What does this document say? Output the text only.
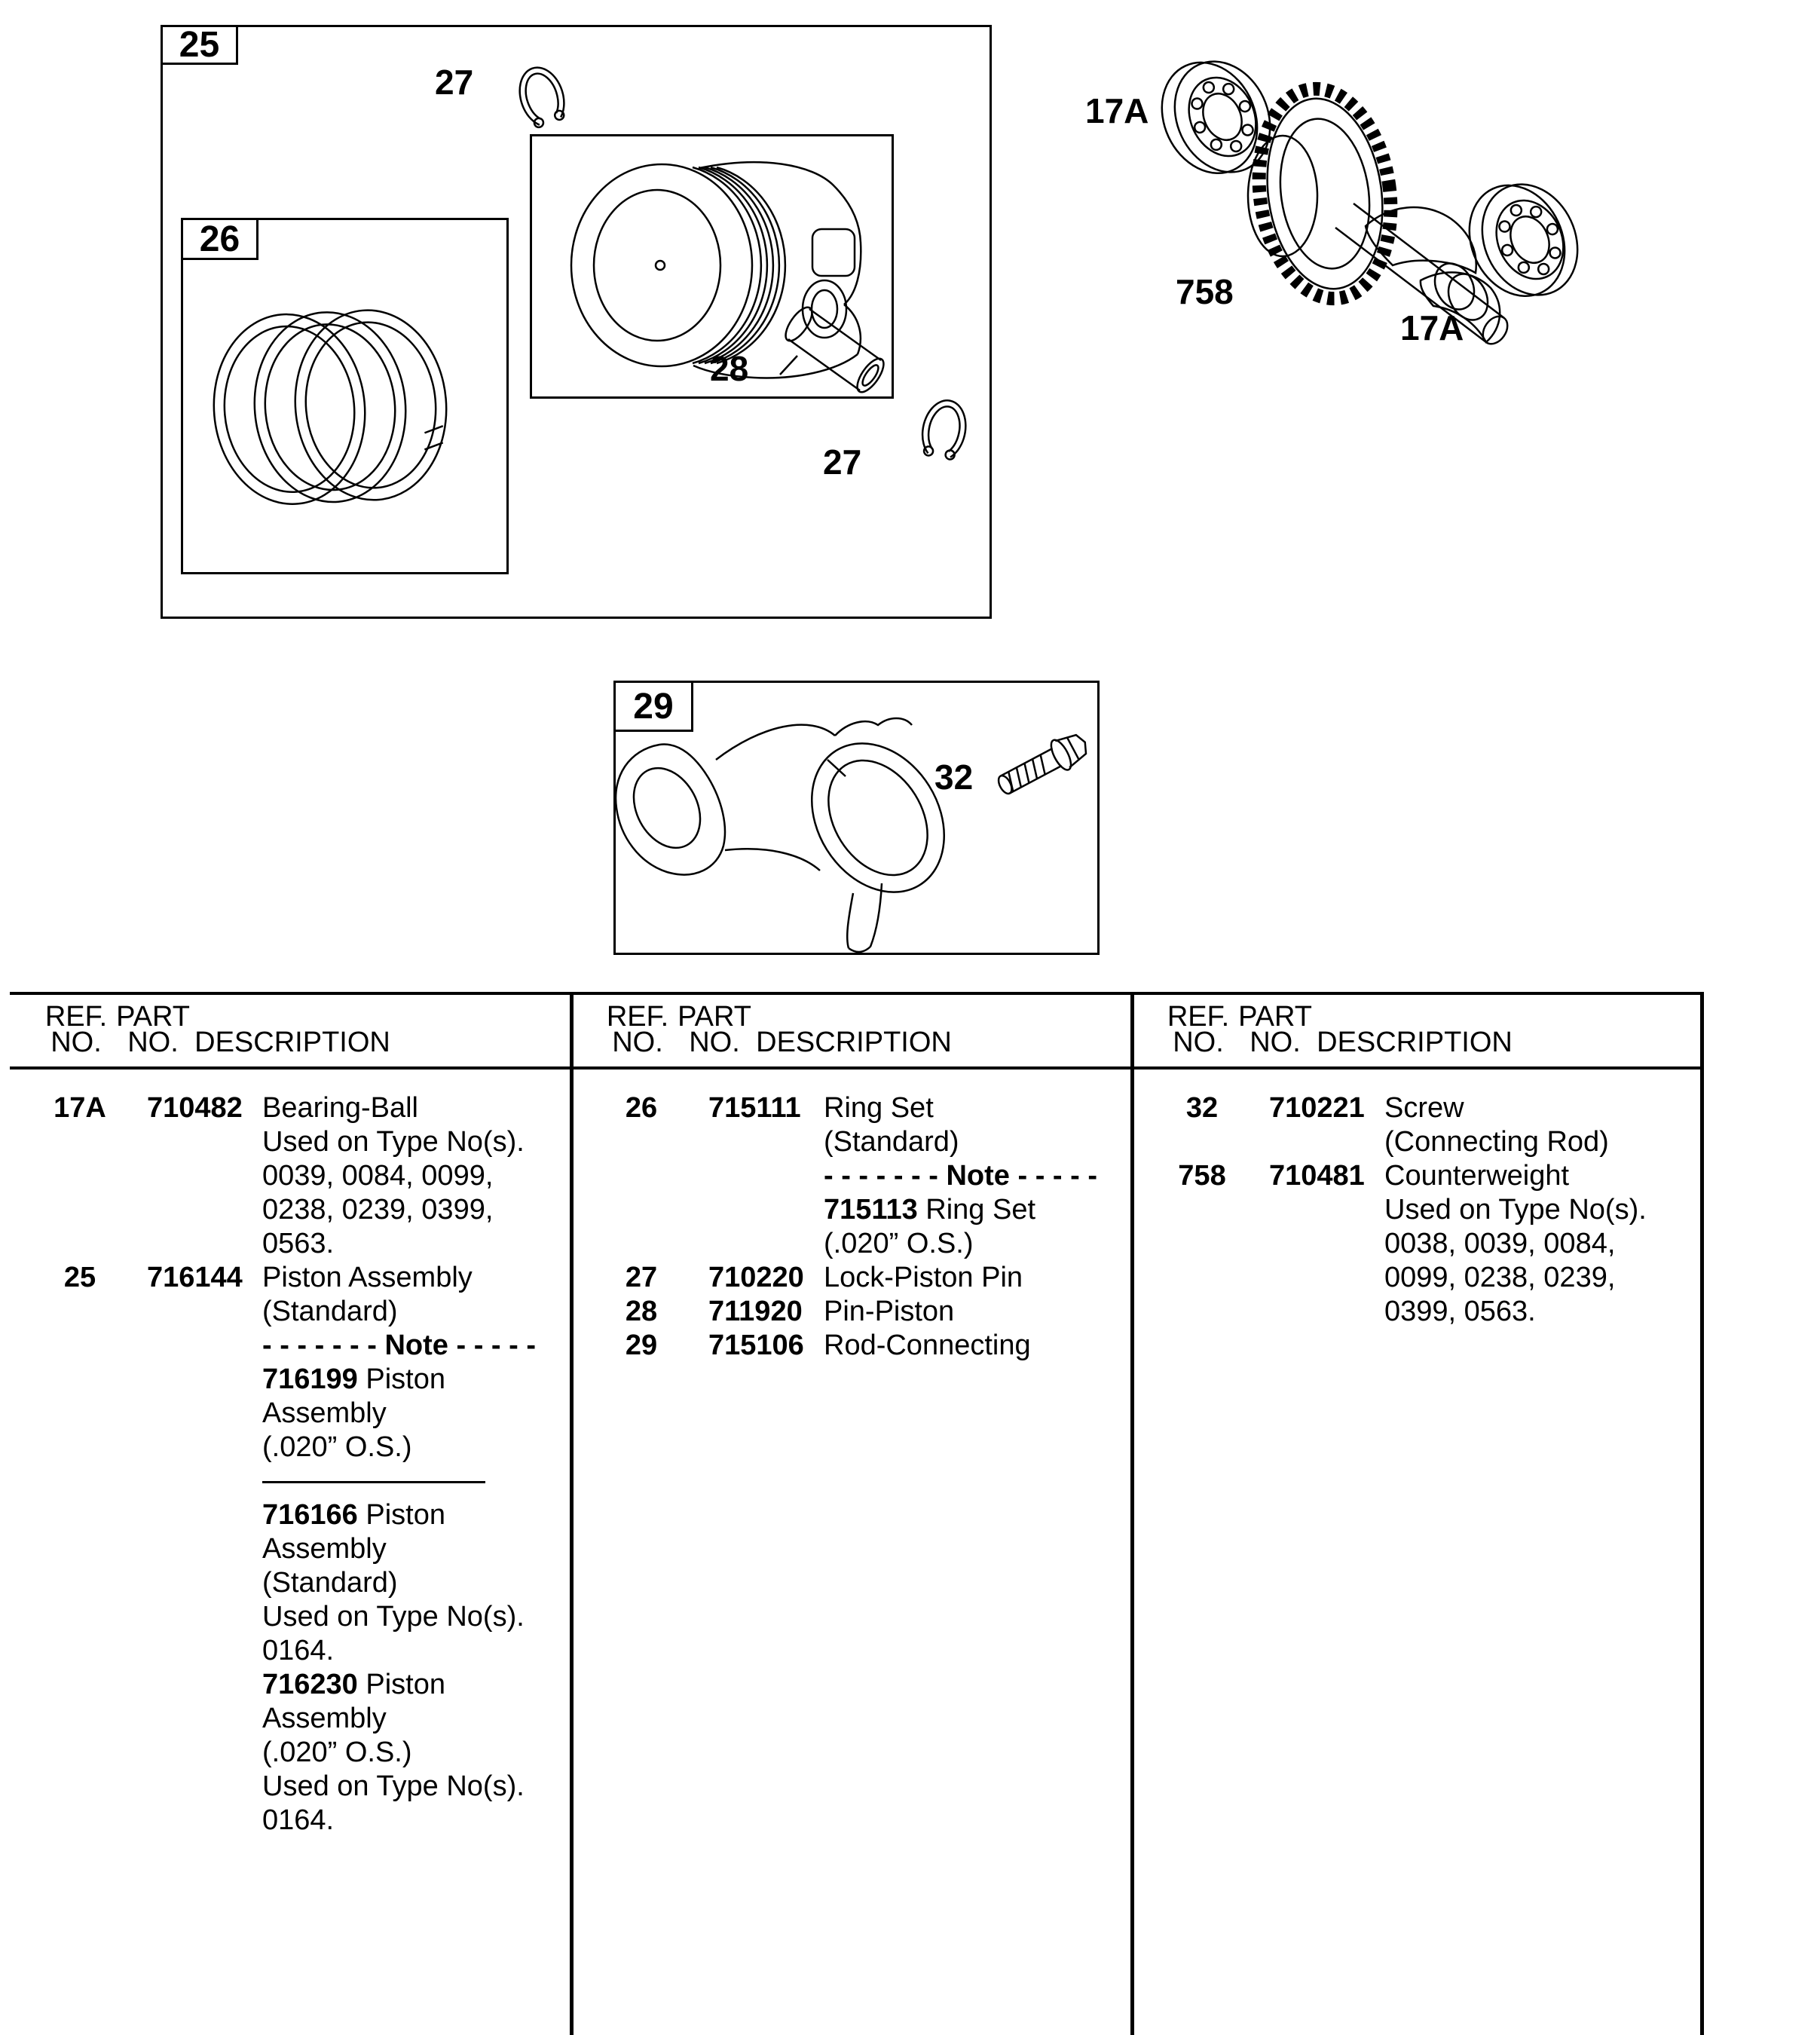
25
26
29
27
28
27
17A
758
17A
32
REF.
NO.
PART
NO. DESCRIPTION
REF.
NO.
PART
NO. DESCRIPTION
REF.
NO.
PART
NO. DESCRIPTION
17A 710482 Bearing-Ball
Used on Type No(s).
0039, 0084, 0099,
0238, 0239, 0399,
0563.
25 716144 Piston Assembly
(Standard)
- - - - - - - Note - - - - -
716199 Piston
Assembly
(.020” O.S.)
716166 Piston
Assembly
(Standard)
Used on Type No(s).
0164.
716230 Piston
Assembly
(.020” O.S.)
Used on Type No(s).
0164.
26 715111 Ring Set
(Standard)
- - - - - - - Note - - - - -
715113 Ring Set
(.020” O.S.)
27 710220 Lock-Piston Pin
28 711920 Pin-Piston
29 715106 Rod-Connecting
32 710221 Screw
(Connecting Rod)
758 710481 Counterweight
Used on Type No(s).
0038, 0039, 0084,
0099, 0238, 0239,
0399, 0563.
